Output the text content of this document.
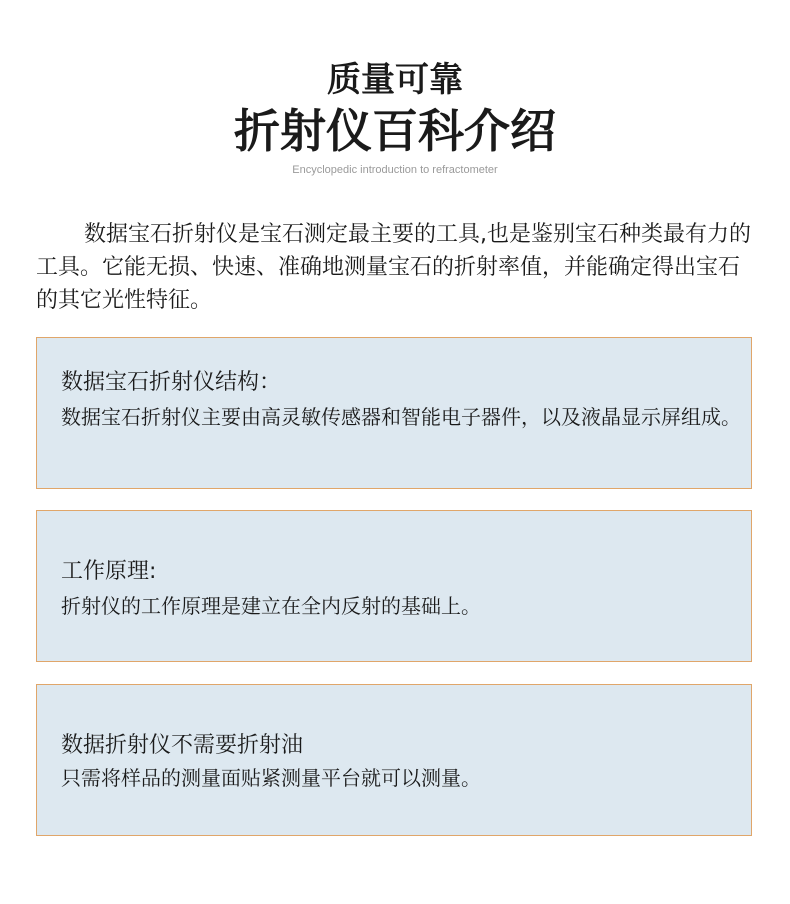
质量可靠
折射仪百科介绍
Encyclopedic introduction to refractometer

数据宝石折射仪是宝石测定最主要的工具,也是鉴别宝石种类最有力的工具。它能无损、快速、准确地测量宝石的折射率值，并能确定得出宝石的其它光性特征。

数据宝石折射仪结构：

数据宝石折射仪主要由高灵敏传感器和智能电子器件，以及液晶显示屏组成。

工作原理:

折射仪的工作原理是建立在全内反射的基础上。

数据折射仪不需要折射油

只需将样品的测量面贴紧测量平台就可以测量。
